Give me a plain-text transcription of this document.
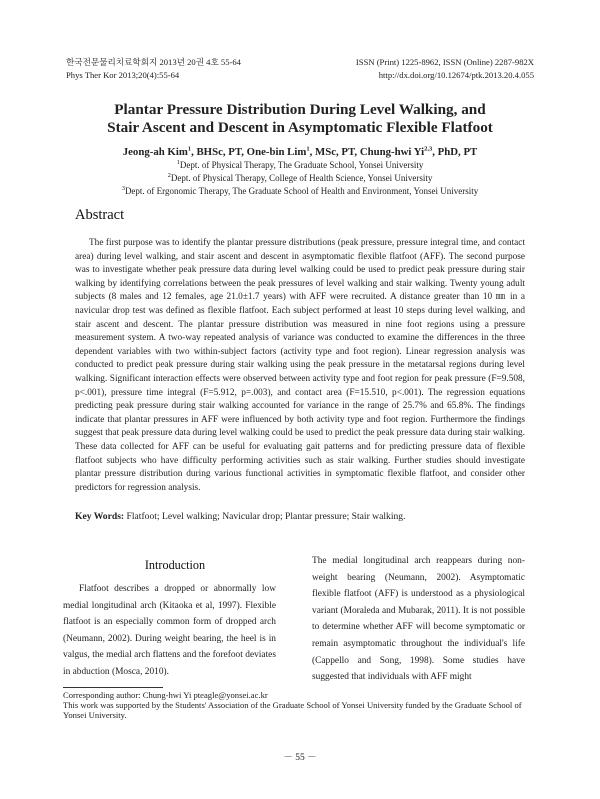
한국전문물리치료학회지 2013년 20권 4호 55-64
Phys Ther Kor 2013;20(4):55-64
ISSN (Print) 1225-8962, ISSN (Online) 2287-982X
http://dx.doi.org/10.12674/ptk.2013.20.4.055
Plantar Pressure Distribution During Level Walking, and
Stair Ascent and Descent in Asymptomatic Flexible Flatfoot
Jeong-ah Kim$^1$, BHSc, PT, One-bin Lim$^1$, MSc, PT, Chung-hwi Yi$^{2,3}$, PhD, PT
$^1$Dept. of Physical Therapy, The Graduate School, Yonsei University
$^2$Dept. of Physical Therapy, College of Health Science, Yonsei University
$^3$Dept. of Ergonomic Therapy, The Graduate School of Health and Environment, Yonsei University
Abstract

The first purpose was to identify the plantar pressure distributions (peak pressure, pressure integral time, and contact area) during level walking, and stair ascent and descent in asymptomatic flexible flatfoot (AFF). The second purpose was to investigate whether peak pressure data during level walking could be used to predict peak pressure during stair walking by identifying correlations between the peak pressures of level walking and stair walking. Twenty young adult subjects (8 males and 12 females, age 21.0±1.7 years) with AFF were recruited. A distance greater than 10 ㎜ in a navicular drop test was defined as flexible flatfoot. Each subject performed at least 10 steps during level walking, and stair ascent and descent. The plantar pressure distribution was measured in nine foot regions using a pressure measurement system. A two-way repeated analysis of variance was conducted to examine the differences in the three dependent variables with two within-subject factors (activity type and foot region). Linear regression analysis was conducted to predict peak pressure during stair walking using the peak pressure in the metatarsal regions during level walking. Significant interaction effects were observed between activity type and foot region for peak pressure (F=9.508, p<.001), pressure time integral (F=5.912, p=.003), and contact area (F=15.510, p<.001). The regression equations predicting peak pressure during stair walking accounted for variance in the range of 25.7% and 65.8%. The findings indicate that plantar pressures in AFF were influenced by both activity type and foot region. Furthermore the findings suggest that peak pressure data during level walking could be used to predict the peak pressure data during stair walking. These data collected for AFF can be useful for evaluating gait patterns and for predicting pressure data of flexible flatfoot subjects who have difficulty performing activities such as stair walking. Further studies should investigate plantar pressure distribution during various functional activities in symptomatic flexible flatfoot, and consider other predictors for regression analysis.

Key Words: Flatfoot; Level walking; Navicular drop; Plantar pressure; Stair walking.
Introduction

Flatfoot describes a dropped or abnormally low medial longitudinal arch (Kitaoka et al, 1997). Flexible flatfoot is an especially common form of dropped arch (Neumann, 2002). During weight bearing, the heel is in valgus, the medial arch flattens and the forefoot deviates in abduction (Mosca, 2010).

The medial longitudinal arch reappears during non-weight bearing (Neumann, 2002). Asymptomatic flexible flatfoot (AFF) is understood as a physiological variant (Moraleda and Mubarak, 2011). It is not possible to determine whether AFF will become symptomatic or remain asymptomatic throughout the individual's life (Cappello and Song, 1998). Some studies have suggested that individuals with AFF might

Corresponding author: Chung-hwi Yi pteagle@yonsei.ac.kr
This work was supported by the Students' Association of the Graduate School of Yonsei University funded by the Graduate School of Yonsei University.
－ 55 －
